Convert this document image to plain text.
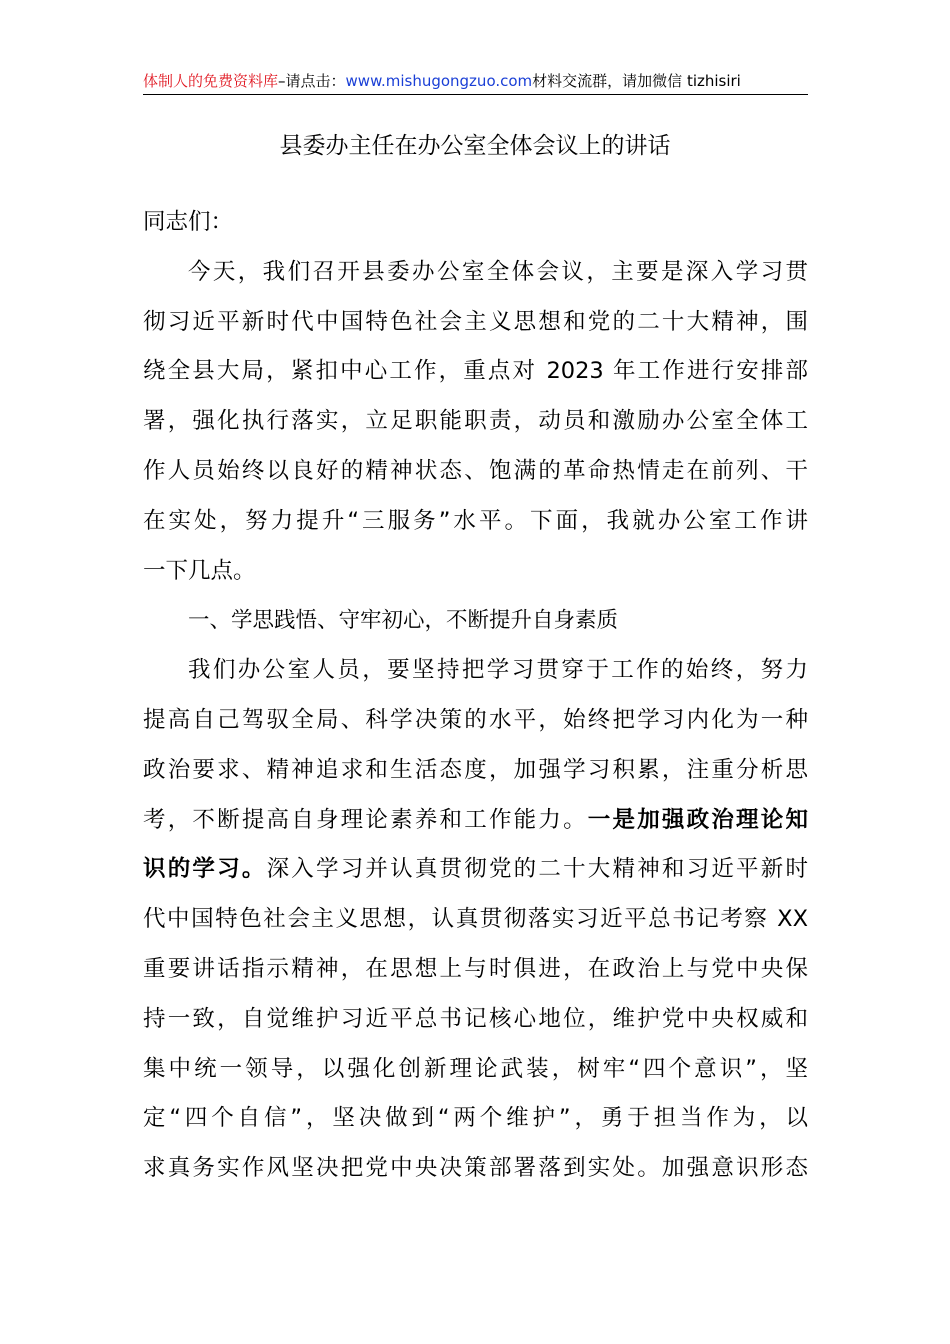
体制人的免费资料库–请点击：www.mishugongzuo.com材料交流群，请加微信 tizhisiri
县委办主任在办公室全体会议上的讲话
同志们：
今天，我们召开县委办公室全体会议，主要是深入学习贯
彻习近平新时代中国特色社会主义思想和党的二十大精神，围
绕全县大局，紧扣中心工作，重点对 2023 年工作进行安排部
署，强化执行落实，立足职能职责，动员和激励办公室全体工
作人员始终以良好的精神状态、饱满的革命热情走在前列、干
在实处，努力提升“三服务”水平。下面，我就办公室工作讲
一下几点。
一、学思践悟、守牢初心，不断提升自身素质
我们办公室人员，要坚持把学习贯穿于工作的始终，努力
提高自己驾驭全局、科学决策的水平，始终把学习内化为一种
政治要求、精神追求和生活态度，加强学习积累，注重分析思
考，不断提高自身理论素养和工作能力。一是加强政治理论知
识的学习。深入学习并认真贯彻党的二十大精神和习近平新时
代中国特色社会主义思想，认真贯彻落实习近平总书记考察 XX
重要讲话指示精神，在思想上与时俱进，在政治上与党中央保
持一致，自觉维护习近平总书记核心地位，维护党中央权威和
集中统一领导，以强化创新理论武装，树牢“四个意识”，坚
定“四个自信”，坚决做到“两个维护”，勇于担当作为，以
求真务实作风坚决把党中央决策部署落到实处。加强意识形态
